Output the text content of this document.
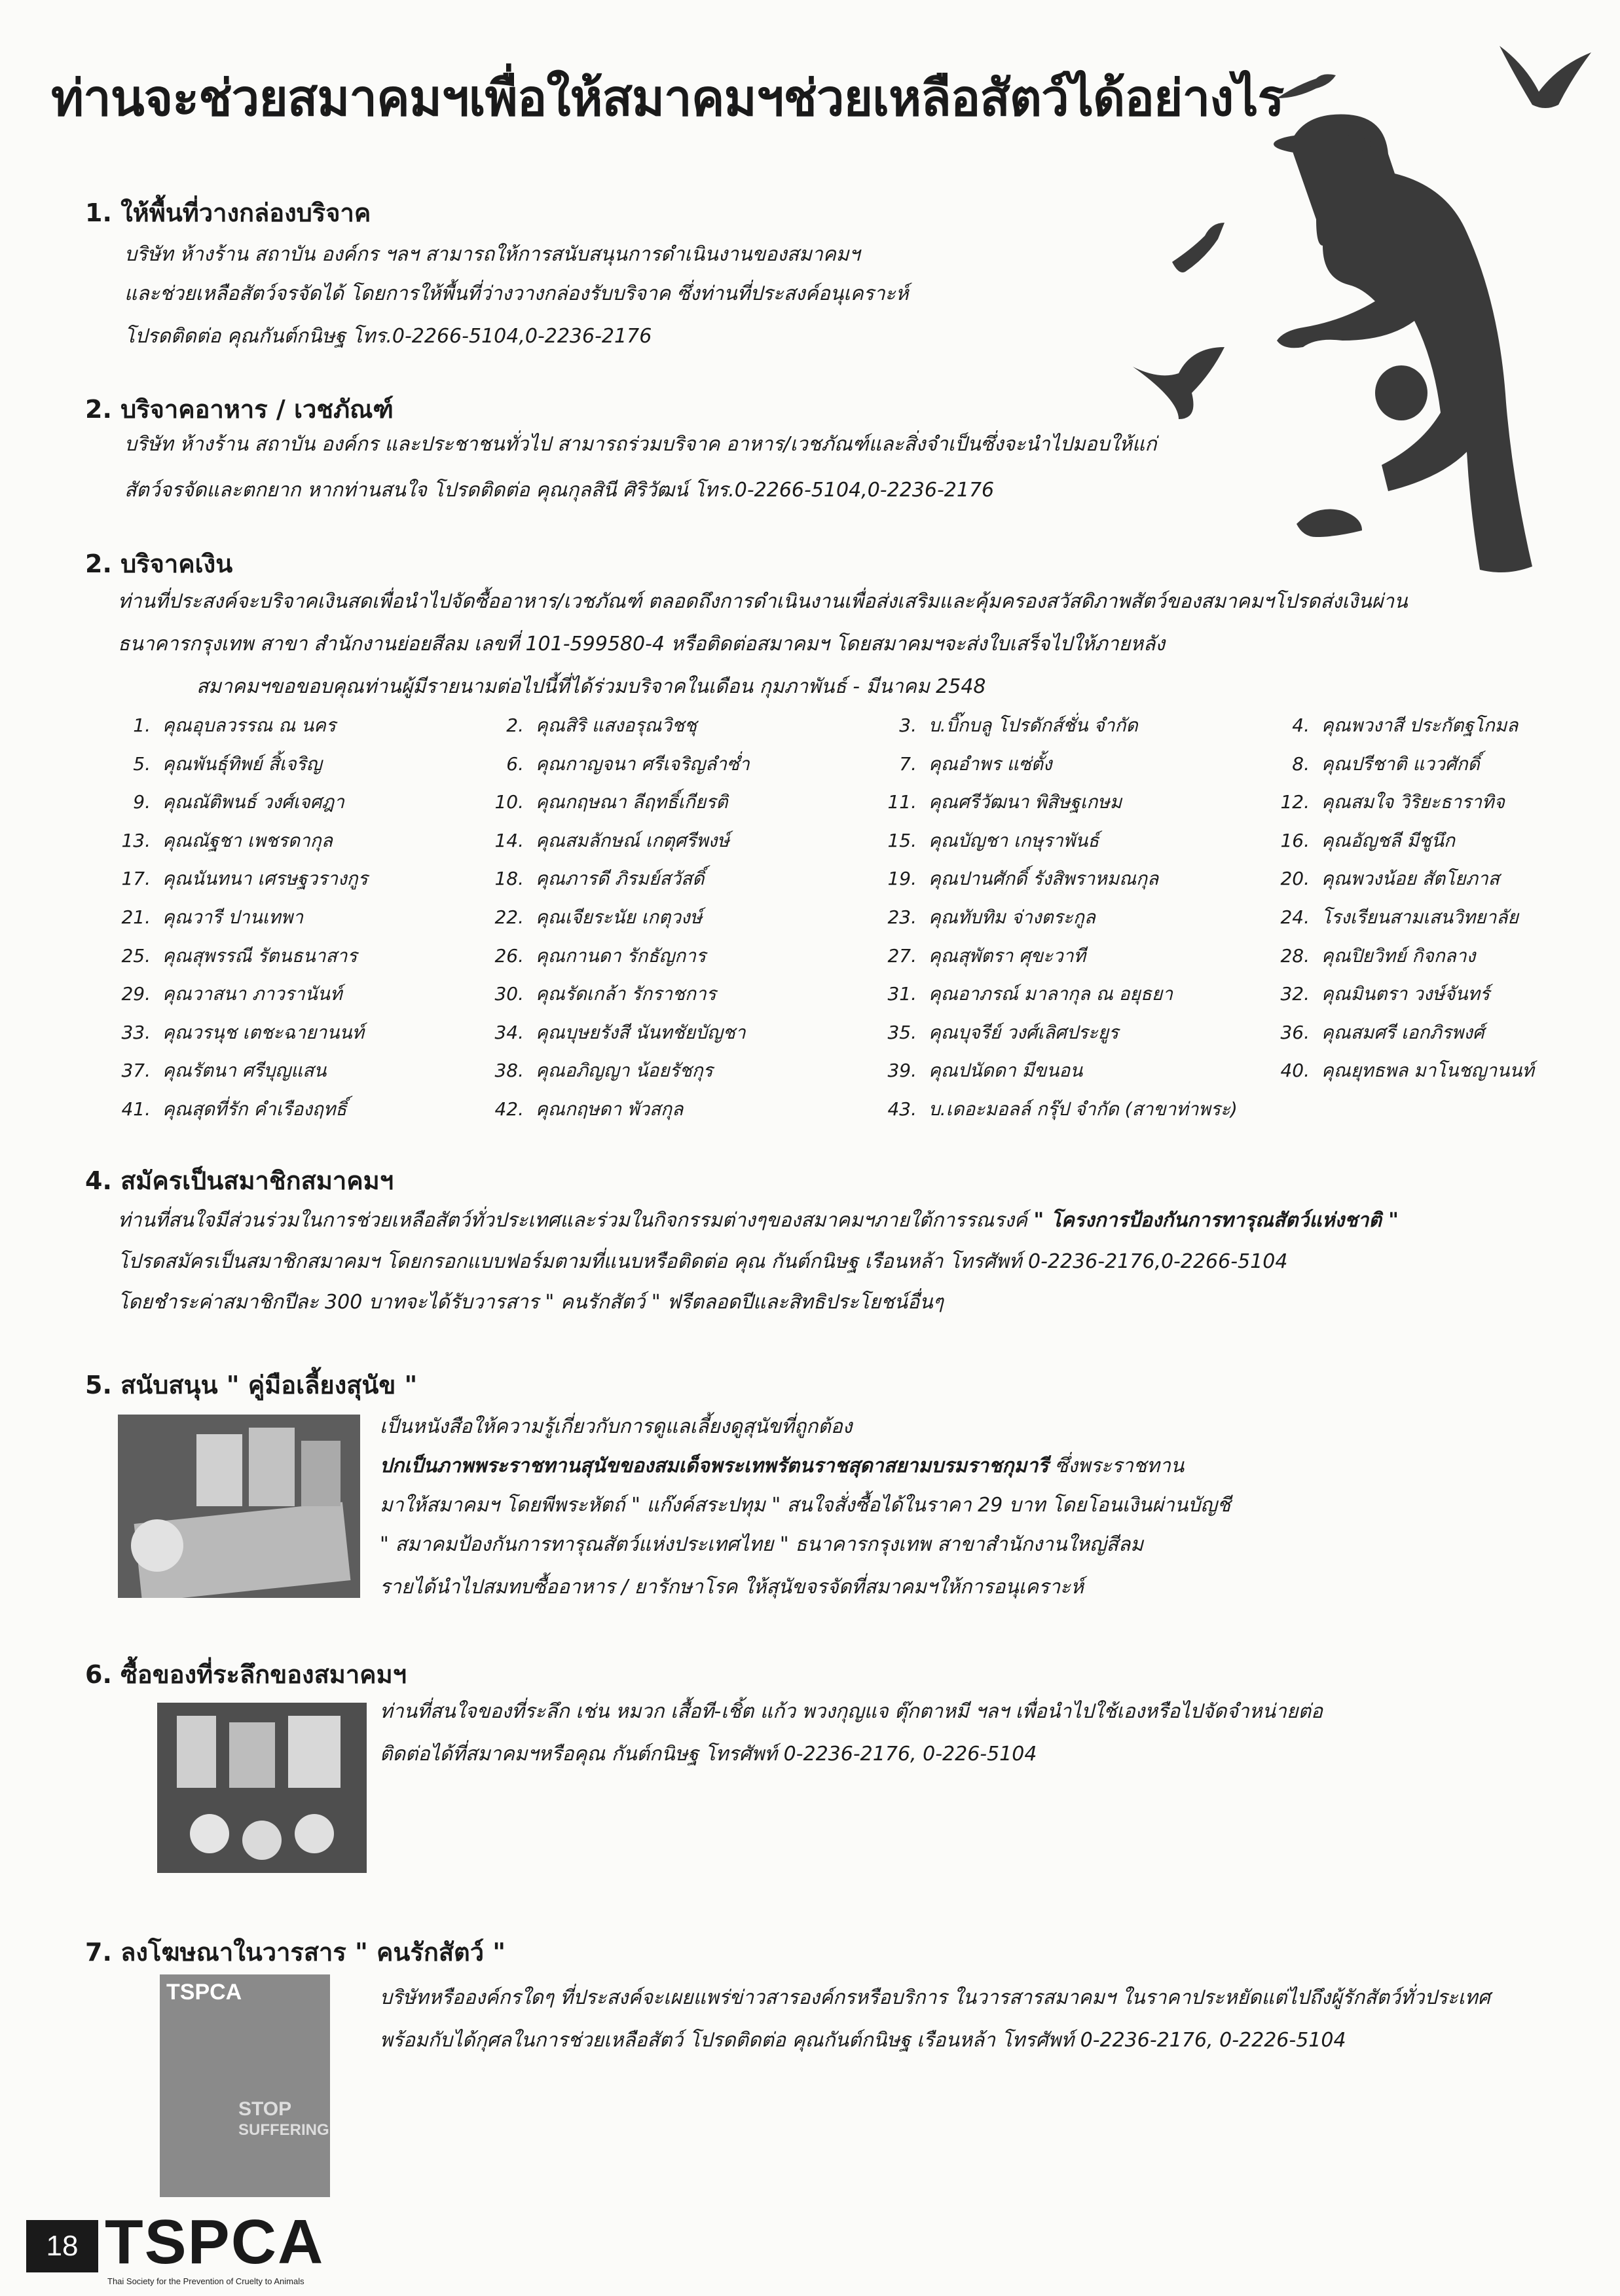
ท่านจะช่วยสมาคมฯเพื่อให้สมาคมฯช่วยเหลือสัตว์ได้อย่างไร
1. ให้พื้นที่วางกล่องบริจาค
บริษัท ห้างร้าน สถาบัน องค์กร ฯลฯ สามารถให้การสนับสนุนการดำเนินงานของสมาคมฯ
และช่วยเหลือสัตว์จรจัดได้ โดยการให้พื้นที่ว่างวางกล่องรับบริจาค ซึ่งท่านที่ประสงค์อนุเคราะห์
โปรดติดต่อ คุณกันต์กนิษฐ โทร.0-2266-5104,0-2236-2176
2. บริจาคอาหาร / เวชภัณฑ์
บริษัท ห้างร้าน สถาบัน องค์กร และประชาชนทั่วไป สามารถร่วมบริจาค อาหาร/เวชภัณฑ์และสิ่งจำเป็นซึ่งจะนำไปมอบให้แก่
สัตว์จรจัดและตกยาก หากท่านสนใจ โปรดติดต่อ คุณกุลสินี ศิริวัฒน์ โทร.0-2266-5104,0-2236-2176
2. บริจาคเงิน
ท่านที่ประสงค์จะบริจาคเงินสดเพื่อนำไปจัดซื้ออาหาร/เวชภัณฑ์ ตลอดถึงการดำเนินงานเพื่อส่งเสริมและคุ้มครองสวัสดิภาพสัตว์ของสมาคมฯโปรดส่งเงินผ่าน
ธนาคารกรุงเทพ สาขา สำนักงานย่อยสีลม เลขที่ 101-599580-4 หรือติดต่อสมาคมฯ โดยสมาคมฯจะส่งใบเสร็จไปให้ภายหลัง
สมาคมฯขอขอบคุณท่านผู้มีรายนามต่อไปนี้ที่ได้ร่วมบริจาคในเดือน กุมภาพันธ์ - มีนาคม 2548
1. คุณอุบลวรรณ ณ นคร	2. คุณสิริ แสงอรุณวิชชุ	3. บ.บิ๊กบลู โปรดักส์ชั่น จำกัด	4. คุณพวงาสี ประกัตฐโกมล
5. คุณพันธุ์ทิพย์ สิ้เจริญ	6. คุณกาญจนา ศรีเจริญลำซ่ำ	7. คุณอำพร แซ่ตั้ง	8. คุณปรีชาติ แววศักดิ์
9. คุณณัติพนธ์ วงศ์เจศฎา	10. คุณกฤษณา ลีฤทธิ์เกียรติ	11. คุณศรีวัฒนา พิสิษฐเกษม	12. คุณสมใจ วิริยะธาราทิจ
13. คุณณัฐชา เพชรดากุล	14. คุณสมลักษณ์ เกตุศรีพงษ์	15. คุณบัญชา เกษุราพันธ์	16. คุณอัญชลี มีชูนึก
17. คุณนันทนา เศรษฐวรางกูร	18. คุณภารดี ภิรมย์สวัสดิ์	19. คุณปานศักดิ์ รังสิพราหมณกุล	20. คุณพวงน้อย สัตโยภาส
21. คุณวารี ปานเทพา	22. คุณเจียระนัย เกตุวงษ์	23. คุณทับทิม จ่างตระกูล	24. โรงเรียนสามเสนวิทยาลัย
25. คุณสุพรรณี รัตนธนาสาร	26. คุณกานดา รักธัญการ	27. คุณสุพัตรา ศุขะวาที	28. คุณปิยวิทย์ กิจกลาง
29. คุณวาสนา ภาวรานันท์	30. คุณรัดเกล้า รักราชการ	31. คุณอาภรณ์ มาลากุล ณ อยุธยา	32. คุณมินตรา วงษ์จันทร์
33. คุณวรนุช เตชะฉายานนท์	34. คุณบุษยรังสี นันทชัยบัญชา	35. คุณบุจรีย์ วงศ์เลิศประยูร	36. คุณสมศรี เอกภิรพงศ์
37. คุณรัตนา ศรีบุญแสน	38. คุณอภิญญา น้อยรัชกุร	39. คุณปนัดดา มีขนอน	40. คุณยุทธพล มาโนชญานนท์
41. คุณสุดที่รัก คำเรืองฤทธิ์	42. คุณกฤษดา พัวสกุล	43. บ.เดอะมอลล์ กรุ๊ป จำกัด (สาขาท่าพระ)
4. สมัครเป็นสมาชิกสมาคมฯ
ท่านที่สนใจมีส่วนร่วมในการช่วยเหลือสัตว์ทั่วประเทศและร่วมในกิจกรรมต่างๆของสมาคมฯภายใต้การรณรงค์ " โครงการป้องกันการทารุณสัตว์แห่งชาติ "
โปรดสมัครเป็นสมาชิกสมาคมฯ โดยกรอกแบบฟอร์มตามที่แนบหรือติดต่อ คุณ กันต์กนิษฐ เรือนหล้า โทรศัพท์ 0-2236-2176,0-2266-5104
โดยชำระค่าสมาชิกปีละ 300 บาทจะได้รับวารสาร " คนรักสัตว์ " ฟรีตลอดปีและสิทธิประโยชน์อื่นๆ
5. สนับสนุน " คู่มือเลี้ยงสุนัข "
เป็นหนังสือให้ความรู้เกี่ยวกับการดูแลเลี้ยงดูสุนัขที่ถูกต้อง
ปกเป็นภาพพระราชทานสุนัขของสมเด็จพระเทพรัตนราชสุดาสยามบรมราชกุมารี ซึ่งพระราชทาน
มาให้สมาคมฯ โดยพีพระหัตถ์ " แก๊งค์สระปทุม " สนใจสั่งซื้อได้ในราคา 29 บาท โดยโอนเงินผ่านบัญชี
" สมาคมป้องกันการทารุณสัตว์แห่งประเทศไทย " ธนาคารกรุงเทพ สาขาสำนักงานใหญ่สีลม
รายได้นำไปสมทบซื้ออาหาร / ยารักษาโรค ให้สุนัขจรจัดที่สมาคมฯให้การอนุเคราะห์
6. ซื้อของที่ระลึกของสมาคมฯ
ท่านที่สนใจของที่ระลึก เช่น หมวก เสื้อที-เชิ้ต แก้ว พวงกุญแจ ตุ๊กตาหมี ฯลฯ เพื่อนำไปใช้เองหรือไปจัดจำหน่ายต่อ
ติดต่อได้ที่สมาคมฯหรือคุณ กันต์กนิษฐ โทรศัพท์ 0-2236-2176, 0-226-5104
7. ลงโฆษณาในวารสาร " คนรักสัตว์ "
TSPCA
STOP
SUFFERING
บริษัทหรือองค์กรใดๆ ที่ประสงค์จะเผยแพร่ข่าวสารองค์กรหรือบริการ ในวารสารสมาคมฯ ในราคาประหยัดแต่ไปถึงผู้รักสัตว์ทั่วประเทศ
พร้อมกับได้กุศลในการช่วยเหลือสัตว์ โปรดติดต่อ คุณกันต์กนิษฐ เรือนหล้า โทรศัพท์ 0-2236-2176, 0-2226-5104
18 TSPCA
Thai Society for the Prevention of Cruelty to Animals
